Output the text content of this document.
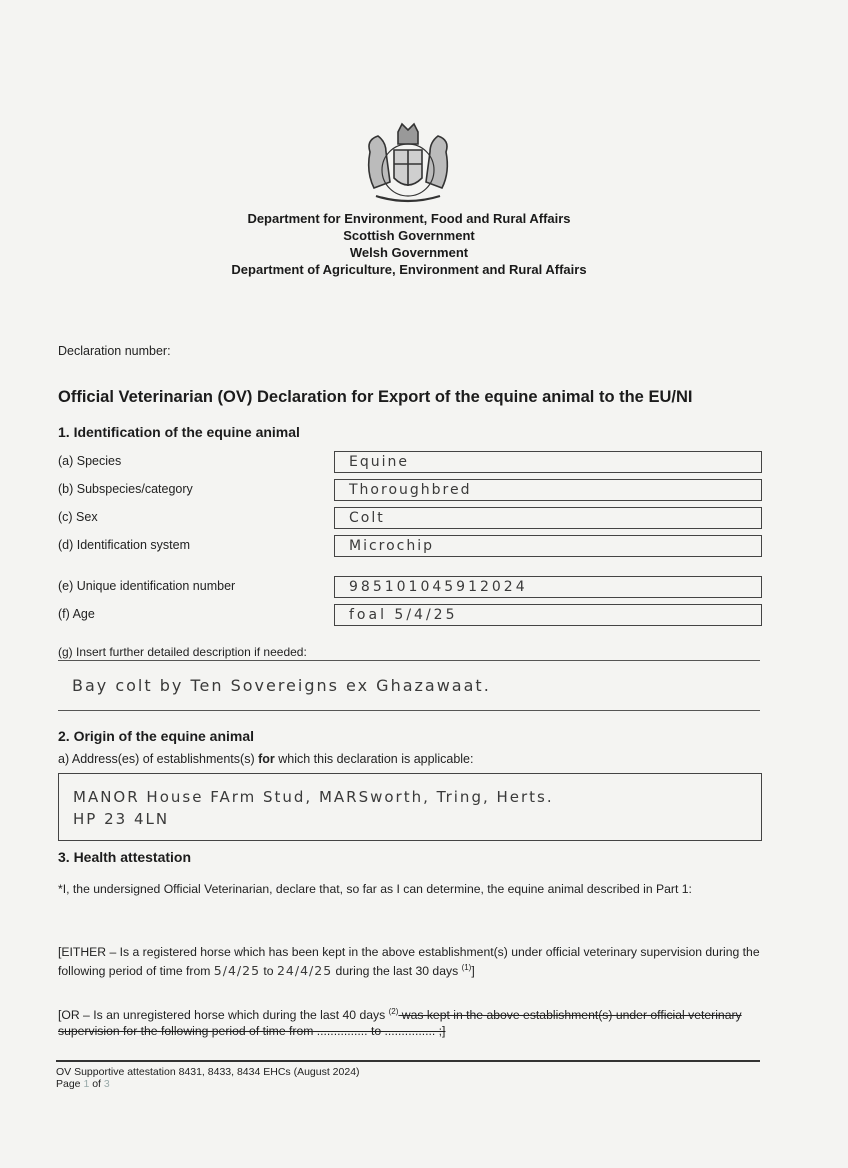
Department for Environment, Food and Rural Affairs
Scottish Government
Welsh Government
Department of Agriculture, Environment and Rural Affairs
Declaration number:
Official Veterinarian (OV) Declaration for Export of the equine animal to the EU/NI
1. Identification of the equine animal
(a) Species	Equine
(b) Subspecies/category	Thoroughbred
(c) Sex	Colt
(d) Identification system	Microchip
(e) Unique identification number	985101045912024
(f) Age	foal 5/4/25
(g) Insert further detailed description if needed:
Bay colt by Ten Sovereigns ex Ghazawaat.
2. Origin of the equine animal
a) Address(es) of establishments(s) for which this declaration is applicable:
MANOR House FArm Stud, MARSworth, Tring, Herts.
HP 23 4LN
3. Health attestation
*I, the undersigned Official Veterinarian, declare that, so far as I can determine, the equine animal described in Part 1:
[EITHER – Is a registered horse which has been kept in the above establishment(s) under official veterinary supervision during the following period of time from 5/4/25 to 24/4/25 during the last 30 days $^{(1)}$]
[OR – Is an unregistered horse which during the last 40 days $^{(2)}$ was kept in the above establishment(s) under official veterinary supervision for the following period of time from ............... to ............... ;]
OV Supportive attestation 8431, 8433, 8434 EHCs (August 2024)
Page 1 of 3
